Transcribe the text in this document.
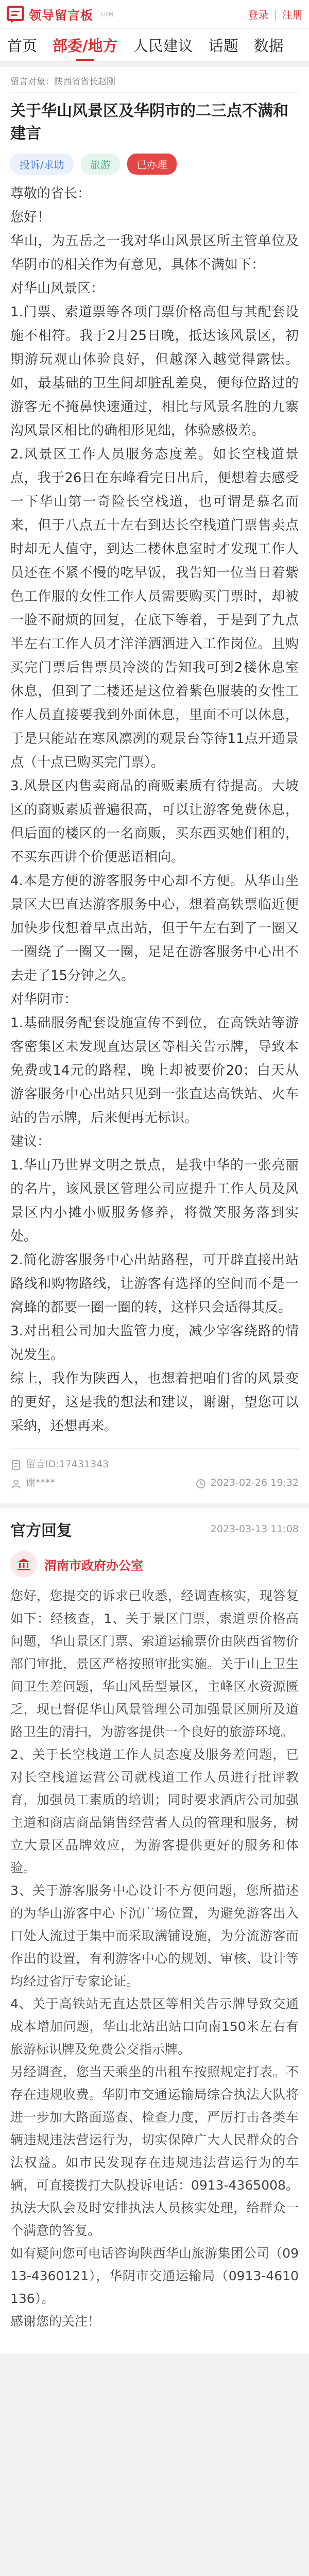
领导留言板 人民网	登录 | 注册
首页 部委/地方 人民建议 话题 数据
留言对象：陕西省省长赵刚
关于华山风景区及华阴市的二三点不满和建言
投诉/求助	旅游	已办理

尊敬的省长：

您好！

华山，为五岳之一我对华山风景区所主管单位及华阴市的相关作为有意见，具体不满如下：

对华山风景区：

1.门票、索道票等各项门票价格高但与其配套设施不相符。我于2月25日晚，抵达该风景区，初期游玩观山体验良好，但越深入越觉得露怯。如，最基础的卫生间却脏乱差臭，便每位路过的游客无不掩鼻快速通过，相比与风景名胜的九寨沟风景区相比的确相形见绌，体验感极差。

2.风景区工作人员服务态度差。如长空栈道景点，我于26日在东峰看完日出后，便想着去感受一下华山第一奇险长空栈道，也可谓是慕名而来，但于八点五十左右到达长空栈道门票售卖点时却无人值守，到达二楼休息室时才发现工作人员还在不紧不慢的吃早饭，我告知一位当日着紫色工作服的女性工作人员需要购买门票时，却被一脸不耐烦的回复，在底下等着，于是到了九点半左右工作人员才洋洋洒洒进入工作岗位。且购买完门票后售票员冷淡的告知我可到2楼休息室休息，但到了二楼还是这位着紫色服装的女性工作人员直接要我到外面休息，里面不可以休息，于是只能站在寒风凛冽的观景台等待11点开通景点（十点已购买完门票）。

3.风景区内售卖商品的商贩素质有待提高。大坡区的商贩素质普遍很高，可以让游客免费休息，但后面的楼区的一名商贩，买东西买她们租的，不买东西讲个价便恶语相向。

4.本是方便的游客服务中心却不方便。从华山坐景区大巴直达游客服务中心，想着高铁票临近便加快步伐想着早点出站，但于午左右到了一圈又一圈绕了一圈又一圈，足足在游客服务中心出不去走了15分钟之久。

对华阴市：

1.基础服务配套设施宣传不到位，在高铁站等游客密集区未发现直达景区等相关告示牌，导致本免费或14元的路程，晚上却被要价20；白天从游客服务中心出站只见到一张直达高铁站、火车站的告示牌，后来便再无标识。

建议：

1.华山乃世界文明之景点，是我中华的一张亮丽的名片，该风景区管理公司应提升工作人员及风景区内小摊小贩服务修养，将微笑服务落到实处。

2.简化游客服务中心出站路程，可开辟直接出站路线和购物路线，让游客有选择的空间而不是一窝蜂的都要一圈一圈的转，这样只会适得其反。

3.对出租公司加大监管力度，减少宰客绕路的情况发生。

综上，我作为陕西人，也想着把咱们省的风景变的更好，这是我的想法和建议，谢谢，望您可以采纳，还想再来。

留言ID:17431343
谢****	2023-02-26 19:32
官方回复	2023-03-13 11:08
渭南市政府办公室

您好，您提交的诉求已收悉，经调查核实，现答复如下：经核查，1、关于景区门票，索道票价格高问题，华山景区门票、索道运输票价由陕西省物价部门审批，景区严格按照审批实施。关于山上卫生间卫生差问题，华山风岳型景区，主峰区水资源匮乏，现已督促华山风景管理公司加强景区厕所及道路卫生的清扫，为游客提供一个良好的旅游环境。

2、关于长空栈道工作人员态度及服务差问题，已对长空栈道运营公司就栈道工作人员进行批评教育，加强员工素质的培训；同时要求酒店公司加强主道和商店商品销售经营者人员的管理和服务，树立大景区品牌效应，为游客提供更好的服务和体验。

3、关于游客服务中心设计不方便问题，您所描述的为华山游客中心下沉广场位置，为避免游客出入口处人流过于集中而采取满铺设施，为分流游客而作出的设置，有利游客中心的规划、审核、设计等均经过省厅专家论证。

4、关于高铁站无直达景区等相关告示牌导致交通成本增加问题，华山北站出站口向南150米左右有旅游标识牌及免费公交指示牌。

另经调查，您当天乘坐的出租车按照规定打表。不存在违规收费。华阴市交通运输局综合执法大队将进一步加大路面巡查、检查力度，严厉打击各类车辆违规违法营运行为，切实保障广大人民群众的合法权益。如市民发现存在违规违法营运行为的车辆，可直接拨打大队投诉电话：0913-4365008。执法大队会及时安排执法人员核实处理，给群众一个满意的答复。

如有疑问您可电话咨询陕西华山旅游集团公司（0913-4360121），华阴市交通运输局（0913-4610136）。

感谢您的关注！
